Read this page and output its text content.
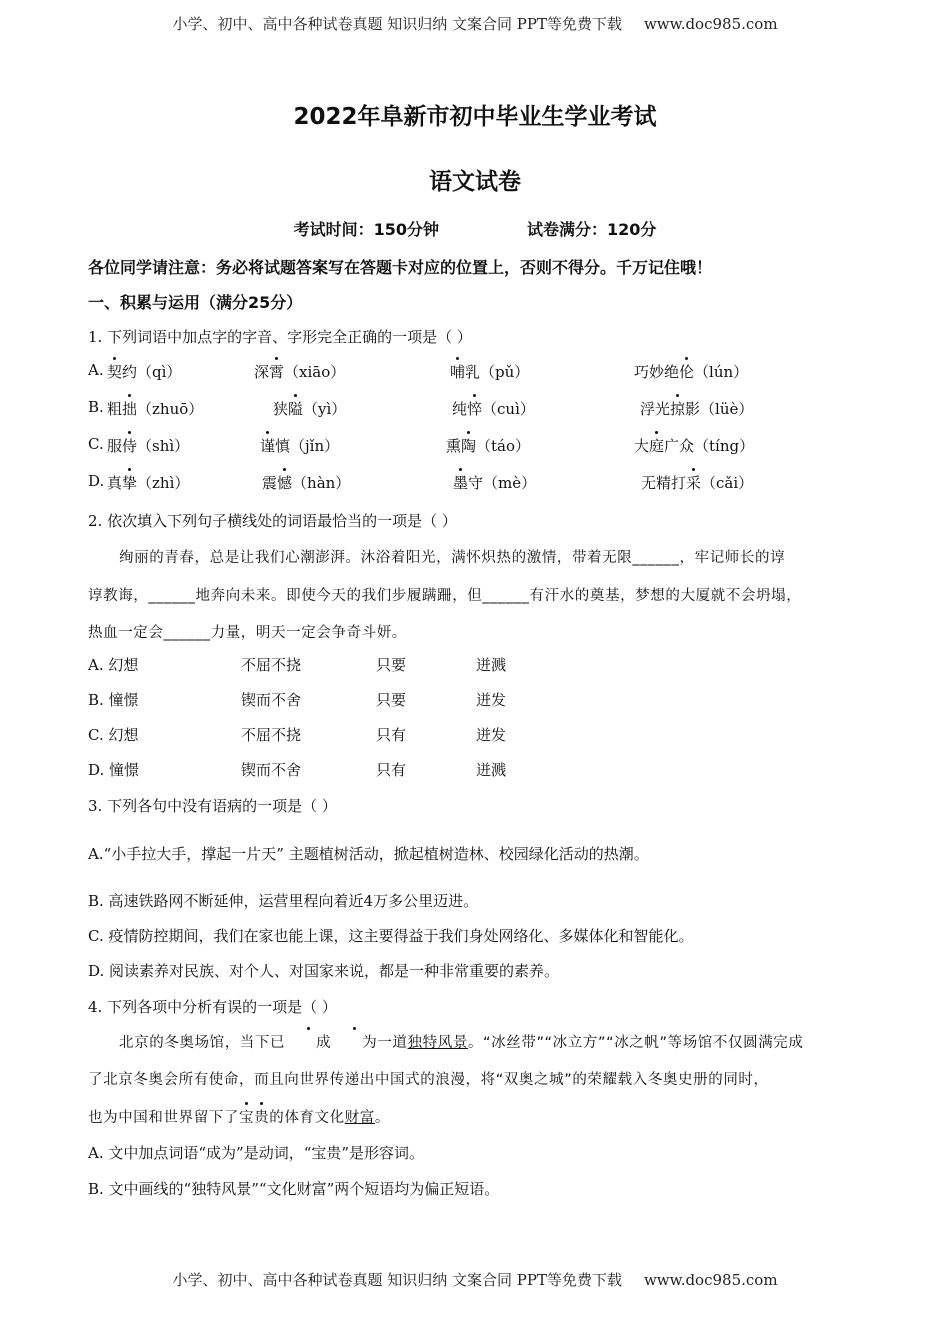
小学、初中、高中各种试卷真题 知识归纳 文案合同 PPT等免费下载 www.doc985.com
2022年阜新市初中毕业生学业考试
语文试卷
考试时间：150分钟	试卷满分：120分
各位同学请注意：务必将试题答案写在答题卡对应的位置上，否则不得分。千万记住哦！
一、积累与运用（满分25分）
1. 下列词语中加点字的字音、字形完全正确的一项是（ ）
A. 契约（qì）	深霄（xiāo）	哺乳（pǔ）	巧妙绝伦（lún）
B. 粗拙（zhuō）	狭隘（yì）	纯悴（cuì）	浮光掠影（lüè）
C. 服侍（shì）	谨慎（jǐn）	熏陶（táo）	大庭广众（tíng）
D. 真挚（zhì）	震憾（hàn）	墨守（mè）	无精打采（cǎi）
2. 依次填入下列句子横线处的词语最恰当的一项是（ ）
绚丽的青春，总是让我们心潮澎湃。沐浴着阳光，满怀炽热的激情，带着无限______，牢记师长的谆
谆教诲，______地奔向未来。即使今天的我们步履蹒跚，但______有汗水的奠基，梦想的大厦就不会坍塌，
热血一定会______力量，明天一定会争奇斗妍。
A. 幻想	不屈不挠	只要	迸溅
B. 憧憬	锲而不舍	只要	迸发
C. 幻想	不屈不挠	只有	迸发
D. 憧憬	锲而不舍	只有	迸溅
3. 下列各句中没有语病的一项是（ ）
A.“小手拉大手，撑起一片天” 主题植树活动，掀起植树造林、校园绿化活动的热潮。
B. 高速铁路网不断延伸，运营里程向着近4万多公里迈进。
C. 疫情防控期间，我们在家也能上课，这主要得益于我们身处网络化、多媒体化和智能化。
D. 阅读素养对民族、对个人、对国家来说，都是一种非常重要的素养。
4. 下列各项中分析有误的一项是（ ）
北京的冬奥场馆，当下已 成 为一道独特风景。“冰丝带”“冰立方”“冰之帆”等场馆不仅圆满完成
了北京冬奥会所有使命，而且向世界传递出中国式的浪漫，将“双奥之城”的荣耀载入冬奥史册的同时，
也为中国和世界留下了宝贵的体育文化财富。
A. 文中加点词语“成为”是动词，“宝贵”是形容词。
B. 文中画线的“独特风景”“文化财富”两个短语均为偏正短语。
小学、初中、高中各种试卷真题 知识归纳 文案合同 PPT等免费下载 www.doc985.com
